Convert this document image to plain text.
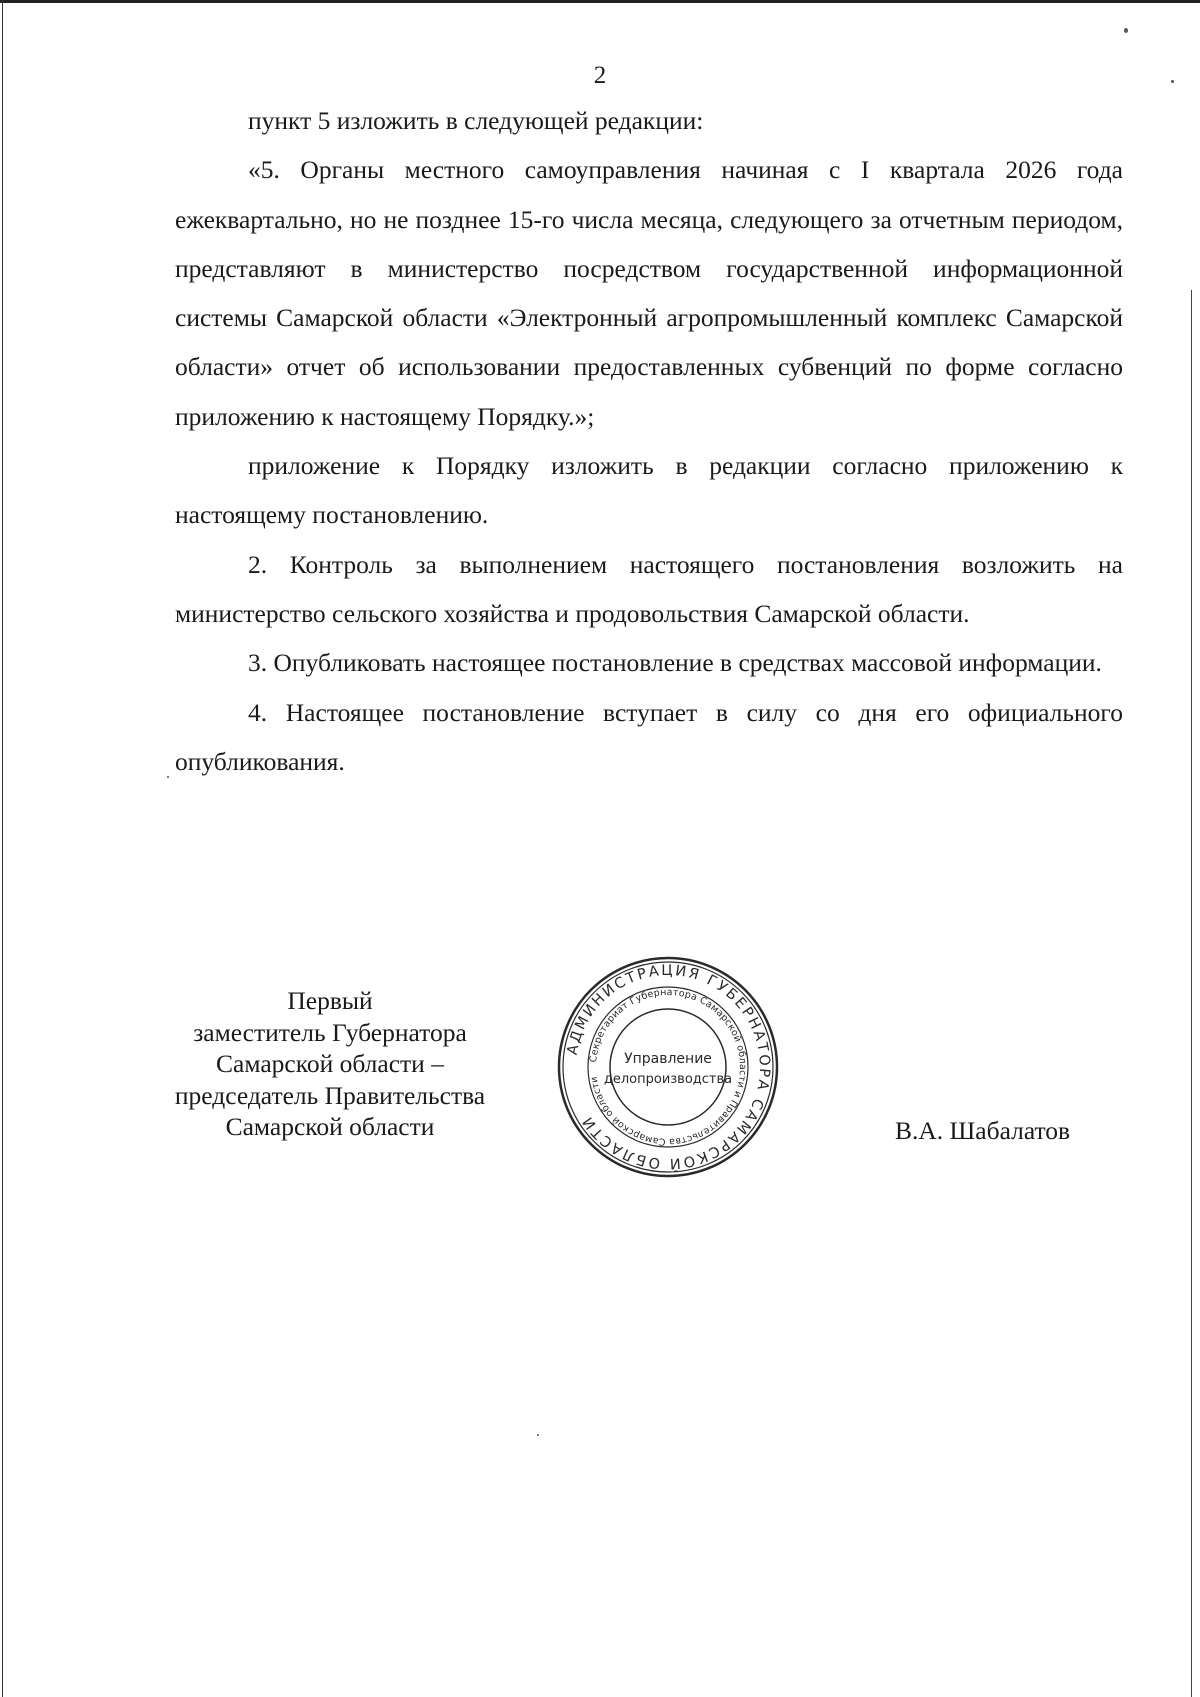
2

пункт 5 изложить в следующей редакции:

«5. Органы местного самоуправления начиная с I квартала 2026 года ежеквартально, но не позднее 15-го числа месяца, следующего за отчетным периодом, представляют в министерство посредством государственной информационной системы Самарской области «Электронный агропромышленный комплекс Самарской области» отчет об использовании предоставленных субвенций по форме согласно приложению к настоящему Порядку.»;

приложение к Порядку изложить в редакции согласно приложению к настоящему постановлению.

2. Контроль за выполнением настоящего постановления возложить на министерство сельского хозяйства и продовольствия Самарской области.

3. Опубликовать настоящее постановление в средствах массовой информации.

4. Настоящее постановление вступает в силу со дня его официального опубликования.

Первый
заместитель Губернатора
Самарской области –
председатель Правительства
Самарской области
АДМИНИСТРАЦИЯ ГУБЕРНАТОРА САМАРСКОЙ ОБЛАСТИ
Секретариат Губернатора Самарской области и Правительства Самарской области
Управление
делопроизводства
В.А. Шабалатов
